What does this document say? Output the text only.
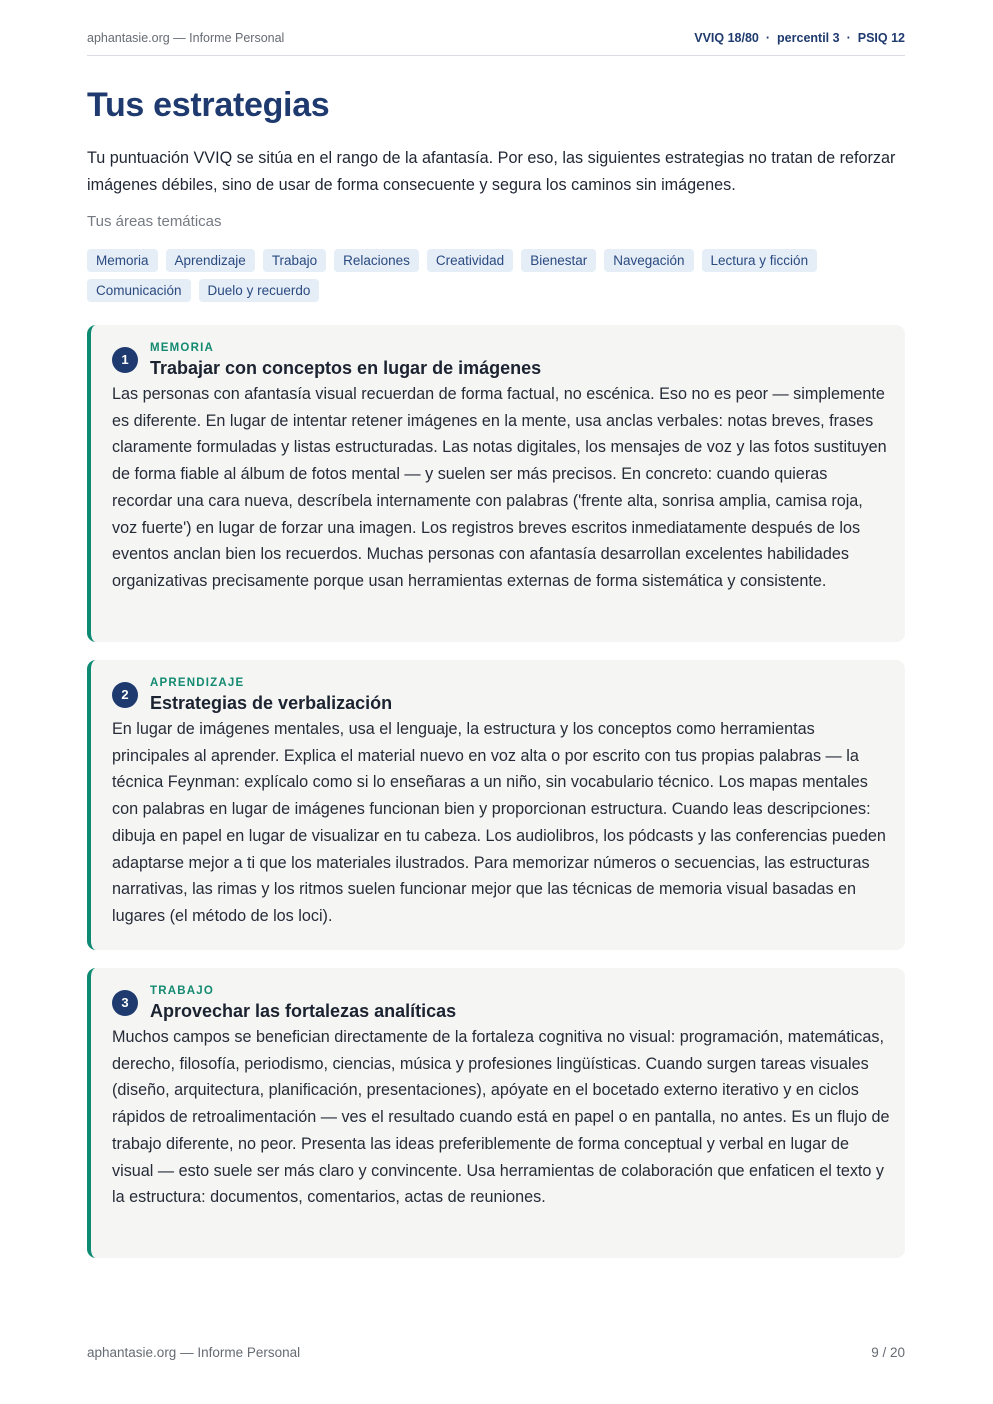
aphantasie.org — Informe Personal	VVIQ 18/80 · percentil 3 · PSIQ 12
Tus estrategias

Tu puntuación VVIQ se sitúa en el rango de la afantasía. Por eso, las siguientes estrategias no tratan de reforzar imágenes débiles, sino de usar de forma consecuente y segura los caminos sin imágenes.

Tus áreas temáticas
Memoria	Aprendizaje	Trabajo	Relaciones	Creatividad	Bienestar	Navegación	Lectura y ficción
Comunicación	Duelo y recuerdo
1
MEMORIA
Trabajar con conceptos en lugar de imágenes

Las personas con afantasía visual recuerdan de forma factual, no escénica. Eso no es peor — simplemente es diferente. En lugar de intentar retener imágenes en la mente, usa anclas verbales: notas breves, frases claramente formuladas y listas estructuradas. Las notas digitales, los mensajes de voz y las fotos sustituyen de forma fiable al álbum de fotos mental — y suelen ser más precisos. En concreto: cuando quieras recordar una cara nueva, descríbela internamente con palabras ('frente alta, sonrisa amplia, camisa roja, voz fuerte') en lugar de forzar una imagen. Los registros breves escritos inmediatamente después de los eventos anclan bien los recuerdos. Muchas personas con afantasía desarrollan excelentes habilidades organizativas precisamente porque usan herramientas externas de forma sistemática y consistente.

2
APRENDIZAJE
Estrategias de verbalización

En lugar de imágenes mentales, usa el lenguaje, la estructura y los conceptos como herramientas principales al aprender. Explica el material nuevo en voz alta o por escrito con tus propias palabras — la técnica Feynman: explícalo como si lo enseñaras a un niño, sin vocabulario técnico. Los mapas mentales con palabras en lugar de imágenes funcionan bien y proporcionan estructura. Cuando leas descripciones: dibuja en papel en lugar de visualizar en tu cabeza. Los audiolibros, los pódcasts y las conferencias pueden adaptarse mejor a ti que los materiales ilustrados. Para memorizar números o secuencias, las estructuras narrativas, las rimas y los ritmos suelen funcionar mejor que las técnicas de memoria visual basadas en lugares (el método de los loci).

3
TRABAJO
Aprovechar las fortalezas analíticas

Muchos campos se benefician directamente de la fortaleza cognitiva no visual: programación, matemáticas, derecho, filosofía, periodismo, ciencias, música y profesiones lingüísticas. Cuando surgen tareas visuales (diseño, arquitectura, planificación, presentaciones), apóyate en el bocetado externo iterativo y en ciclos rápidos de retroalimentación — ves el resultado cuando está en papel o en pantalla, no antes. Es un flujo de trabajo diferente, no peor. Presenta las ideas preferiblemente de forma conceptual y verbal en lugar de visual — esto suele ser más claro y convincente. Usa herramientas de colaboración que enfaticen el texto y la estructura: documentos, comentarios, actas de reuniones.

aphantasie.org — Informe Personal	9 / 20
